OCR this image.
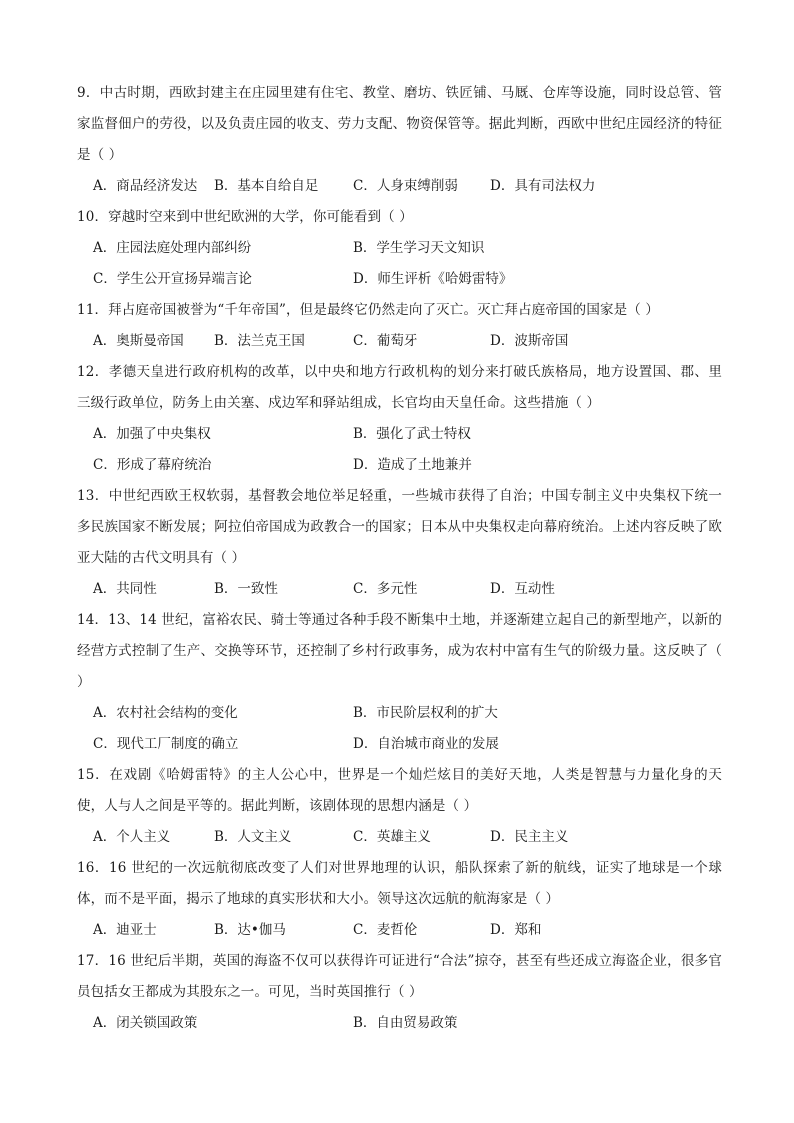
9．中古时期，西欧封建主在庄园里建有住宅、教堂、磨坊、铁匠铺、马厩、仓库等设施，同时设总管、管家监督佃户的劳役，以及负责庄园的收支、劳力支配、物资保管等。据此判断，西欧中世纪庄园经济的特征是（ ）
A．商品经济发达 B．基本自给自足	C．人身束缚削弱 D．具有司法权力
10．穿越时空来到中世纪欧洲的大学，你可能看到（ ）
A．庄园法庭处理内部纠纷	B．学生学习天文知识
C．学生公开宣扬异端言论	D．师生评析《哈姆雷特》
11．拜占庭帝国被誉为“千年帝国”，但是最终它仍然走向了灭亡。灭亡拜占庭帝国的国家是（ ）
A．奥斯曼帝国 B．法兰克王国	C．葡萄牙	D．波斯帝国
12．孝德天皇进行政府机构的改革，以中央和地方行政机构的划分来打破氏族格局，地方设置国、郡、里三级行政单位，防务上由关塞、戍边军和驿站组成，长官均由天皇任命。这些措施（ ）
A．加强了中央集权	B．强化了武士特权
C．形成了幕府统治	D．造成了土地兼并
13．中世纪西欧王权软弱，基督教会地位举足轻重，一些城市获得了自治；中国专制主义中央集权下统一多民族国家不断发展；阿拉伯帝国成为政教合一的国家；日本从中央集权走向幕府统治。上述内容反映了欧亚大陆的古代文明具有（ ）
A．共同性	B．一致性	C．多元性	D．互动性
14．13、14 世纪，富裕农民、骑士等通过各种手段不断集中土地，并逐渐建立起自己的新型地产，以新的经营方式控制了生产、交换等环节，还控制了乡村行政事务，成为农村中富有生气的阶级力量。这反映了（ ）
A．农村社会结构的变化	B．市民阶层权利的扩大
C．现代工厂制度的确立	D．自治城市商业的发展
15．在戏剧《哈姆雷特》的主人公心中，世界是一个灿烂炫目的美好天地，人类是智慧与力量化身的天使，人与人之间是平等的。据此判断，该剧体现的思想内涵是（ ）
A．个人主义	B．人文主义	C．英雄主义	D．民主主义
16．16 世纪的一次远航彻底改变了人们对世界地理的认识，船队探索了新的航线，证实了地球是一个球体，而不是平面，揭示了地球的真实形状和大小。领导这次远航的航海家是（ ）
A．迪亚士	B．达•伽马	C．麦哲伦	D．郑和
17．16 世纪后半期，英国的海盗不仅可以获得许可证进行“合法”掠夺，甚至有些还成立海盗企业，很多官员包括女王都成为其股东之一。可见，当时英国推行（ ）
A．闭关锁国政策	B．自由贸易政策
